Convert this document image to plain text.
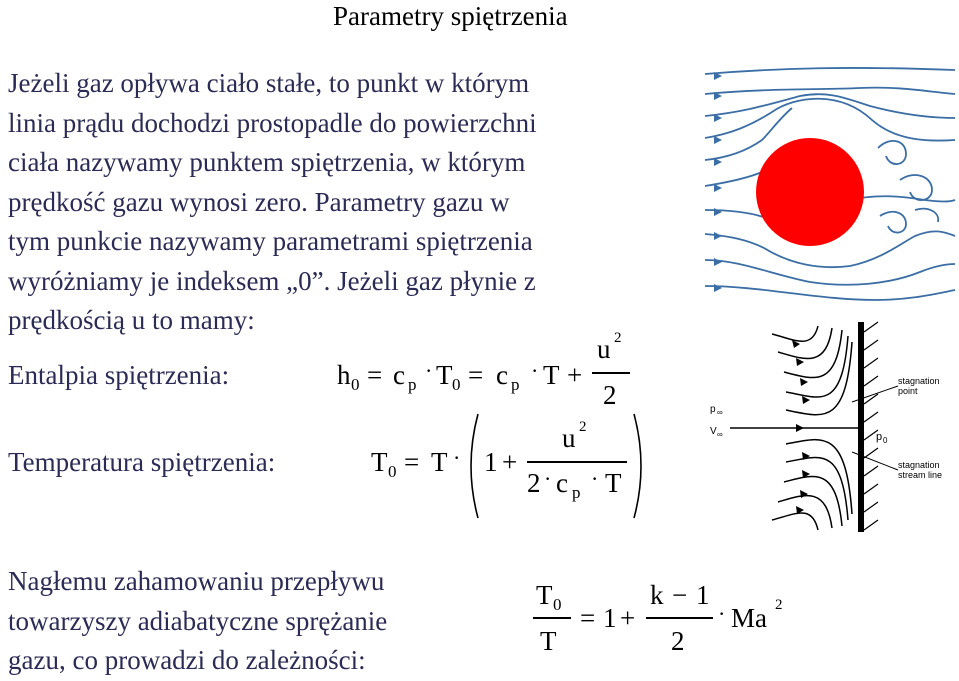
Parametry spiętrzenia
Jeżeli gaz opływa ciało stałe, to punkt w którym
linia prądu dochodzi prostopadle do powierzchni
ciała nazywamy punktem spiętrzenia, w którym
prędkość gazu wynosi zero. Parametry gazu w
tym punkcie nazywamy parametrami spiętrzenia
wyróżniamy je indeksem „0”. Jeżeli gaz płynie z
prędkością u to mamy:
Entalpia spiętrzenia:	h 0 = c p
· T 0 = c p
· T +
u 2
2
Temperatura spiętrzenia:	T 0 = T · 1 +
u 2
2 · c p
· T
Nagłemu zahamowaniu przepływu
towarzyszy adiabatyczne sprężanie
gazu, co prowadzi do zależności:
T 0
T
= 1 +
k − 1
2
· Ma 2
stagnation
point
stagnation
stream line
p 0
p ∞
V ∞
